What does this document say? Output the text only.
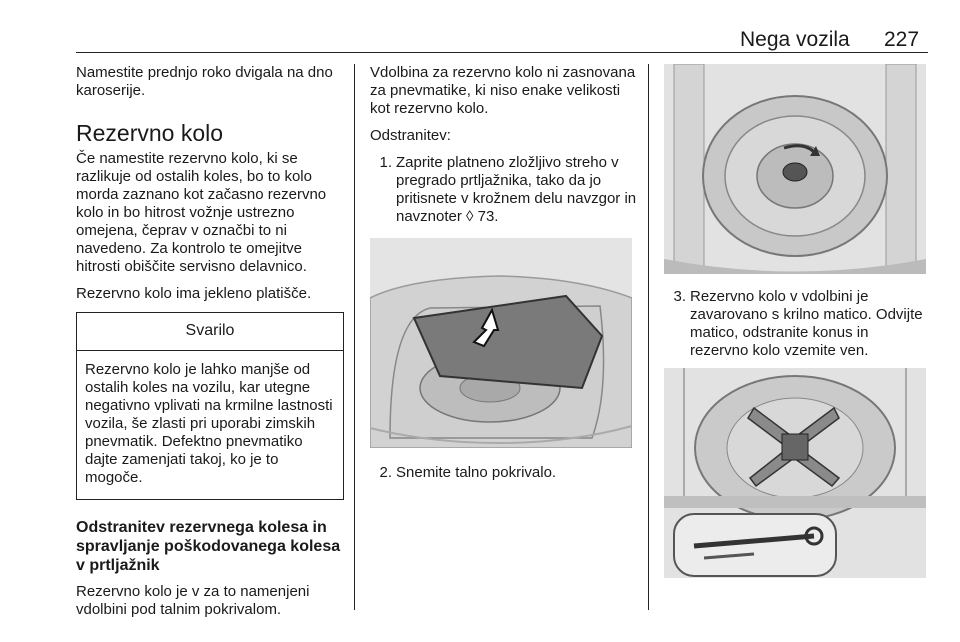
Nega vozila 227

Namestite prednjo roko dvigala na dno karoserije.

Rezervno kolo

Če namestite rezervno kolo, ki se razlikuje od ostalih koles, bo to kolo morda zaznano kot začasno rezervno kolo in bo hitrost vožnje ustrezno omejena, čeprav v označbi to ni navedeno. Za kontrolo te omejitve hitrosti obiščite servisno delavnico.

Rezervno kolo ima jekleno platišče.

Svarilo
Rezervno kolo je lahko manjše od ostalih koles na vozilu, kar utegne negativno vplivati na krmilne lastnosti vozila, še zlasti pri uporabi zimskih pnevmatik. Defektno pnevmatiko dajte zamenjati takoj, ko je to mogoče.
Odstranitev rezervnega kolesa in spravljanje poškodovanega kolesa v prtljažnik

Rezervno kolo je v za to namenjeni vdolbini pod talnim pokrivalom.

Vdolbina za rezervno kolo ni zasnovana za pnevmatike, ki niso enake velikosti kot rezervno kolo.

Odstranitev:

1. Zaprite platneno zložljivo streho v pregrado prtljažnika, tako da jo pritisnete v krožnem delu navzgor in navznoter ◊ 73.
2. Snemite talno pokrivalo.
3. Rezervno kolo v vdolbini je zavarovano s krilno matico. Odvijte matico, odstranite konus in rezervno kolo vzemite ven.
